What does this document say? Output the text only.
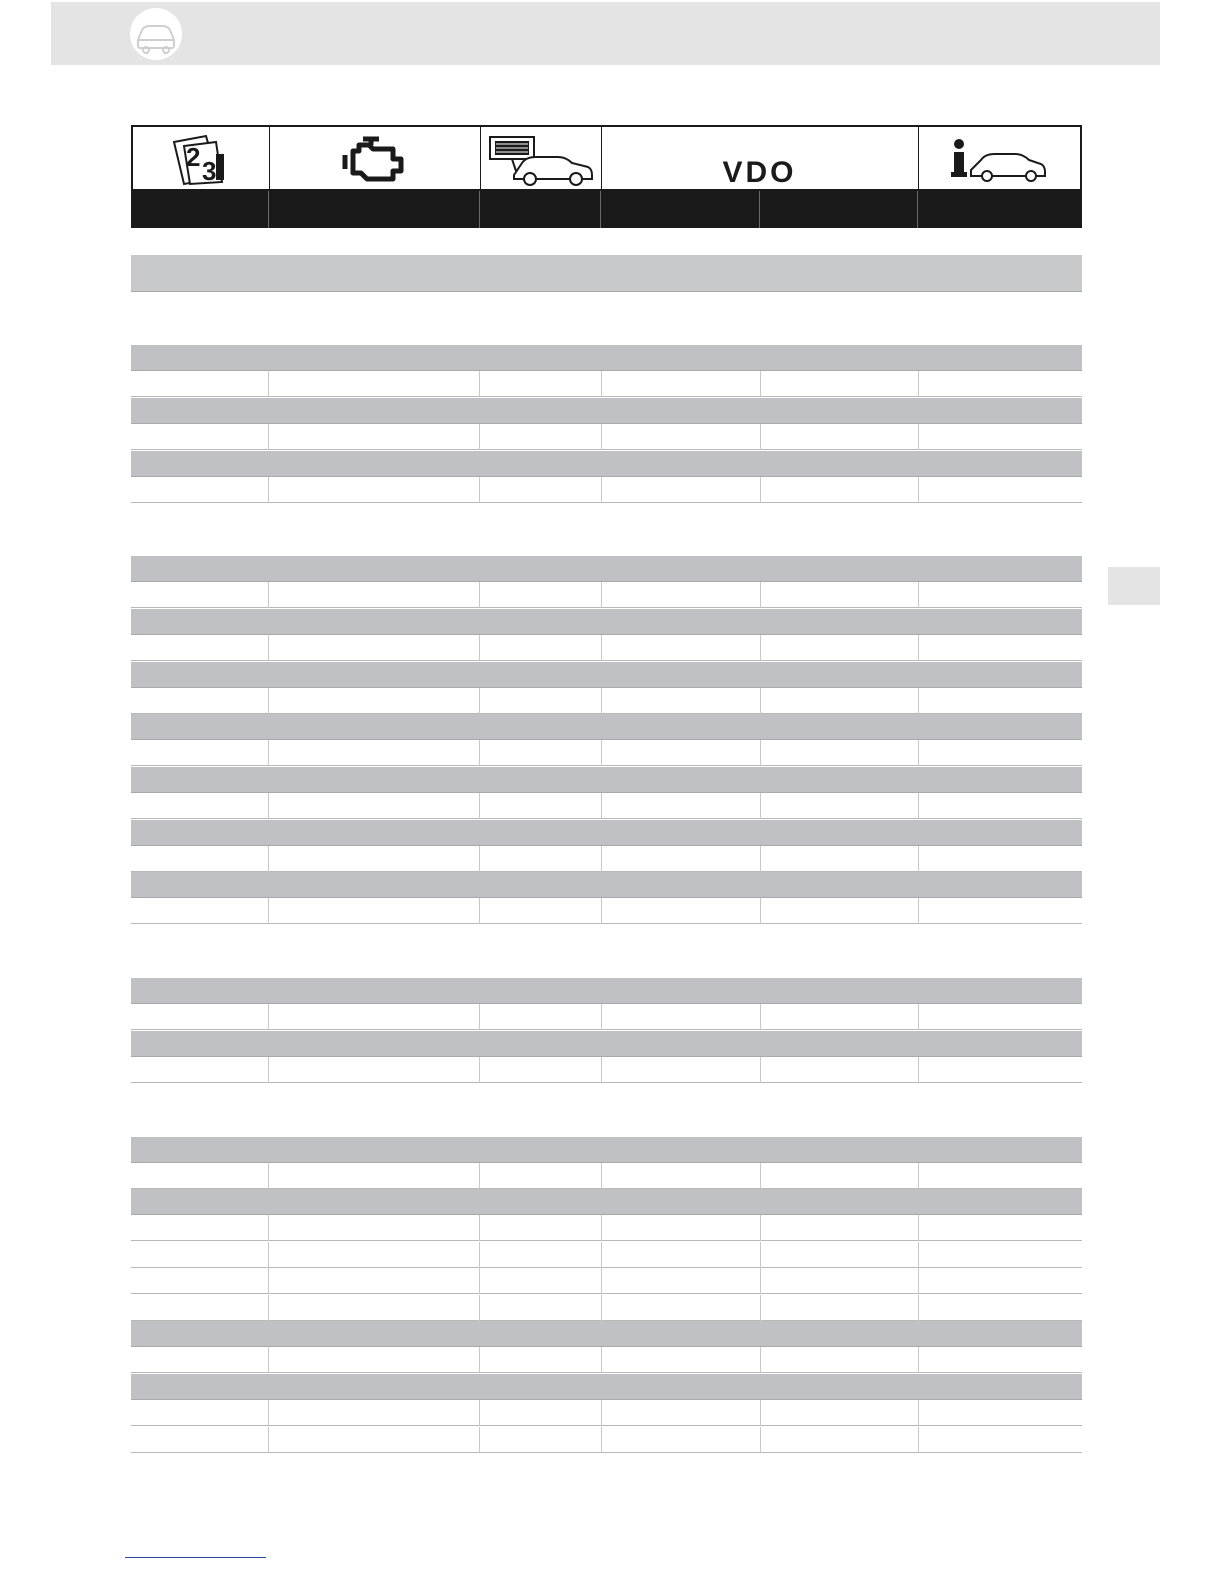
2 3	VDO
